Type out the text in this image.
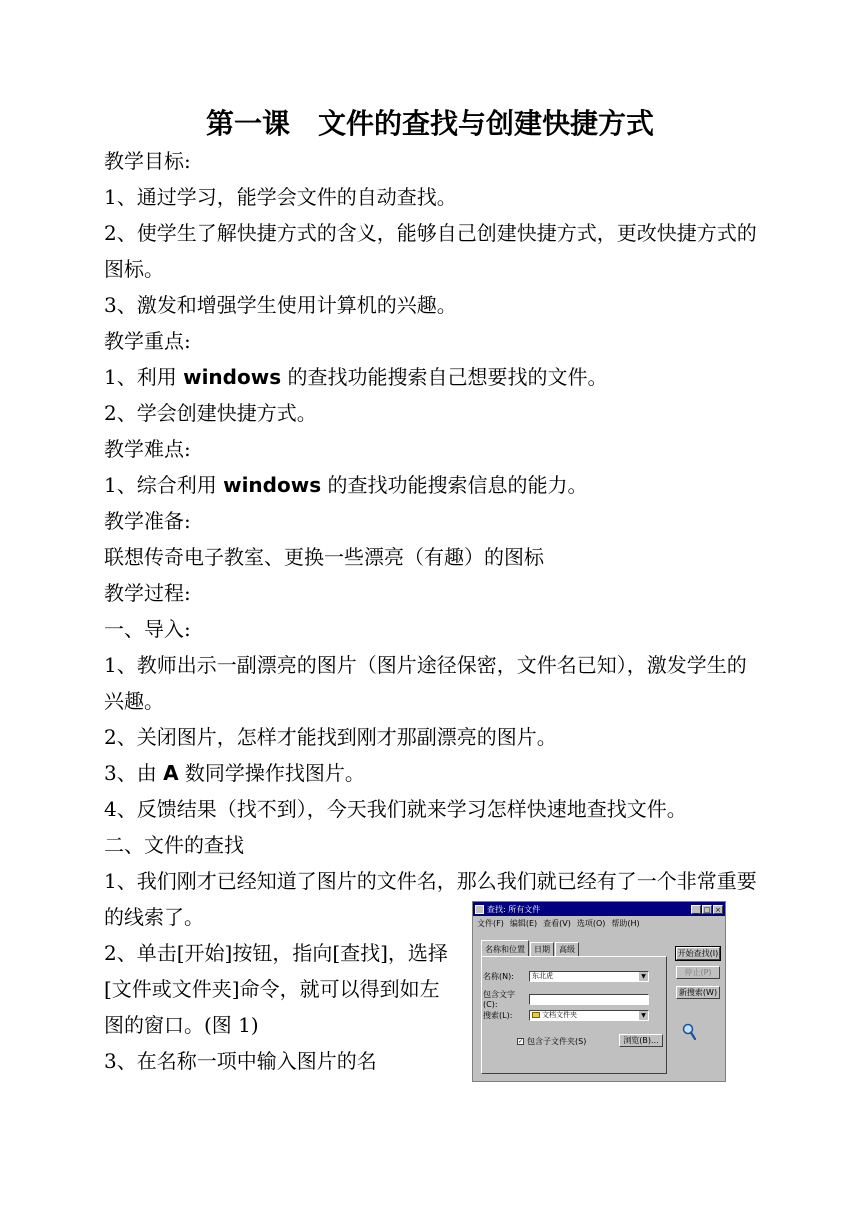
第一课　文件的查找与创建快捷方式

教学目标:

1、通过学习，能学会文件的自动查找。

2、使学生了解快捷方式的含义，能够自己创建快捷方式，更改快捷方式的图标。

3、激发和增强学生使用计算机的兴趣。

教学重点:

1、利用 windows 的查找功能搜索自己想要找的文件。

2、学会创建快捷方式。

教学难点:

1、综合利用 windows 的查找功能搜索信息的能力。

教学准备:

联想传奇电子教室、更换一些漂亮（有趣）的图标

教学过程:

一、导入:

1、教师出示一副漂亮的图片（图片途径保密，文件名已知），激发学生的兴趣。

2、关闭图片，怎样才能找到刚才那副漂亮的图片。

3、由 A 数同学操作找图片。

4、反馈结果（找不到），今天我们就来学习怎样快速地查找文件。

二、文件的查找

1、我们刚才已经知道了图片的文件名，那么我们就已经有了一个非常重要的线索了。

2、单击[开始]按钮，指向[查找]，选择[文件或文件夹]命令，就可以得到如左图的窗口。(图 1)

3、在名称一项中输入图片的名

查找: 所有文件	_ □ ×
文件(F) 编辑(E) 查看(V) 选项(O) 帮助(H)
名称和位置	日期	高级
名称(N):	东北虎	▼
包含文字(C):
搜索(L):	文档文件夹	▼
✓ 包含子文件夹(S)	浏览(B)...
开始查找(I)
停止(P)
新搜索(W)
